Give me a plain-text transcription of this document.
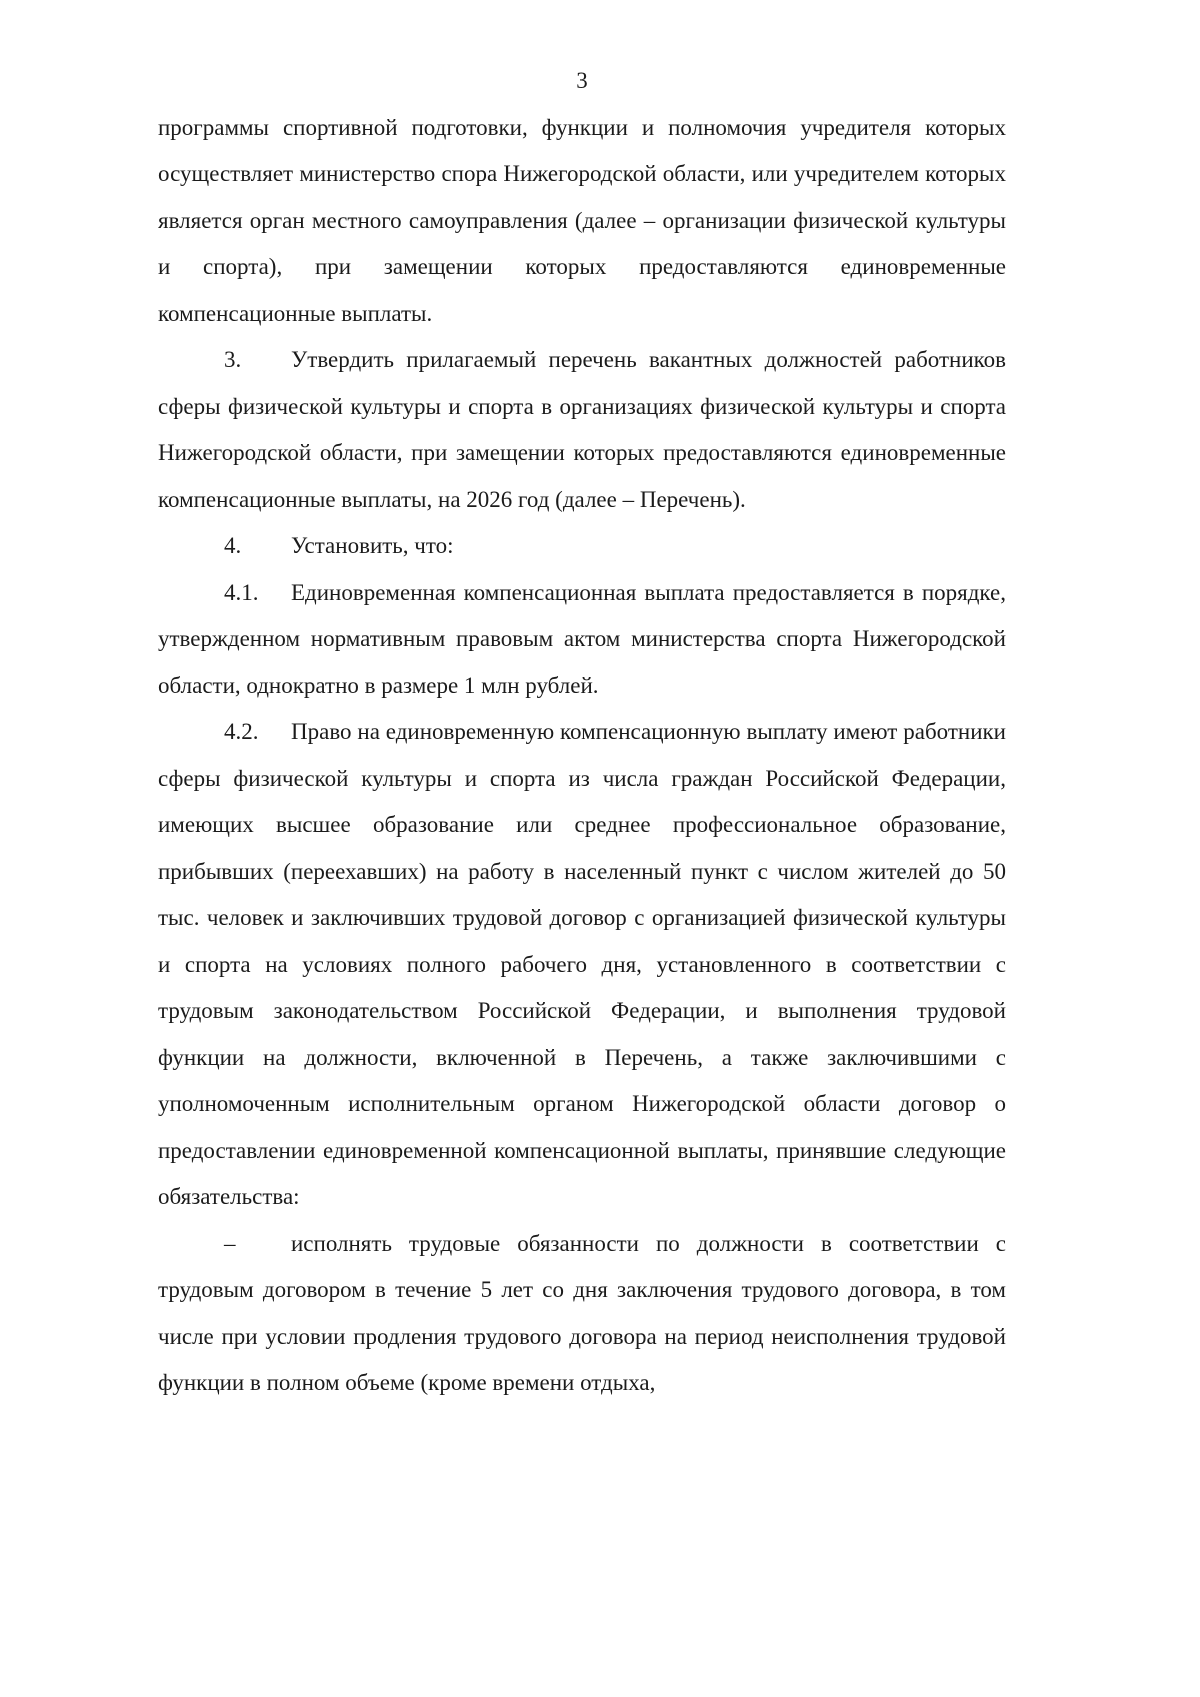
3

программы спортивной подготовки, функции и полномочия учредителя которых осуществляет министерство спора Нижегородской области, или учредителем которых является орган местного самоуправления (далее – организации физической культуры и спорта), при замещении которых предоставляются единовременные компенсационные выплаты.

3. Утвердить прилагаемый перечень вакантных должностей работников сферы физической культуры и спорта в организациях физической культуры и спорта Нижегородской области, при замещении которых предоставляются единовременные компенсационные выплаты, на 2026 год (далее – Перечень).

4. Установить, что:

4.1. Единовременная компенсационная выплата предоставляется в порядке, утвержденном нормативным правовым актом министерства спорта Нижегородской области, однократно в размере 1 млн рублей.

4.2. Право на единовременную компенсационную выплату имеют работники сферы физической культуры и спорта из числа граждан Российской Федерации, имеющих высшее образование или среднее профессиональное образование, прибывших (переехавших) на работу в населенный пункт с числом жителей до 50 тыс. человек и заключивших трудовой договор с организацией физической культуры и спорта на условиях полного рабочего дня, установленного в соответствии с трудовым законодательством Российской Федерации, и выполнения трудовой функции на должности, включенной в Перечень, а также заключившими с уполномоченным исполнительным органом Нижегородской области договор о предоставлении единовременной компенсационной выплаты, принявшие следующие обязательства:

– исполнять трудовые обязанности по должности в соответствии с трудовым договором в течение 5 лет со дня заключения трудового договора, в том числе при условии продления трудового договора на период неисполнения трудовой функции в полном объеме (кроме времени отдыха,
